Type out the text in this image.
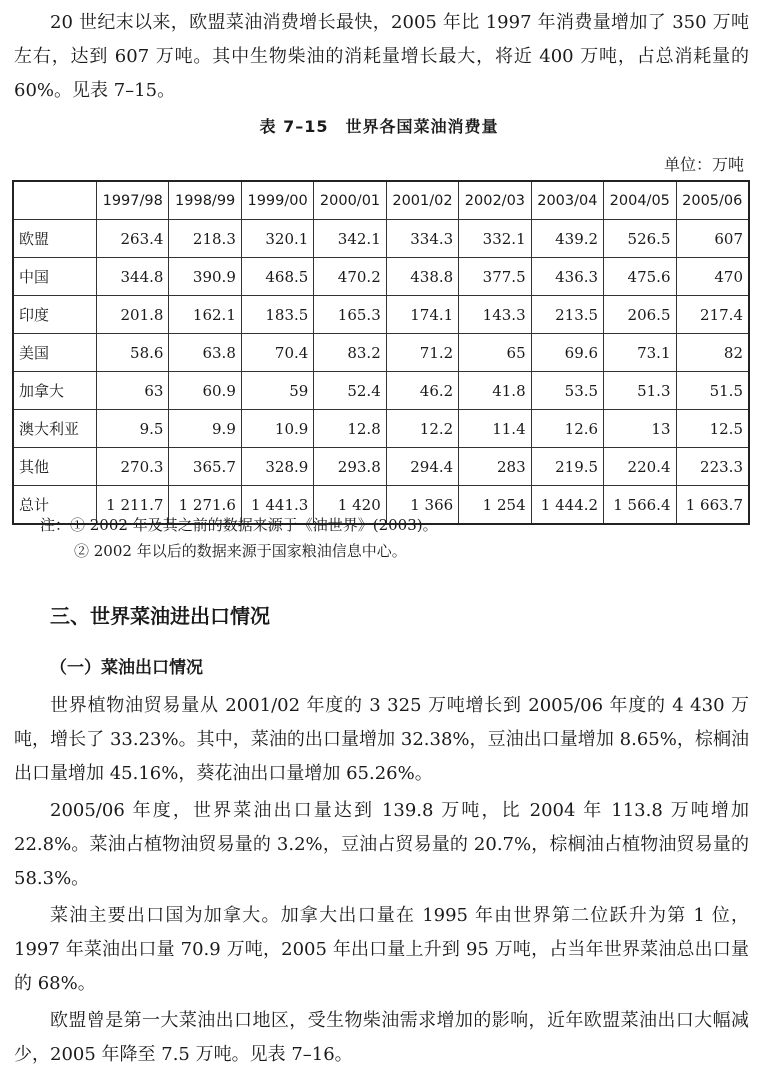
20 世纪末以来，欧盟菜油消费增长最快，2005 年比 1997 年消费量增加了 350 万吨左右，达到 607 万吨。其中生物柴油的消耗量增长最大，将近 400 万吨，占总消耗量的 60%。见表 7–15。

表 7–15　世界各国菜油消费量
单位：万吨
	1997/98	1998/99	1999/00	2000/01	2001/02	2002/03	2003/04	2004/05	2005/06
欧盟	263.4	218.3	320.1	342.1	334.3	332.1	439.2	526.5	607
中国	344.8	390.9	468.5	470.2	438.8	377.5	436.3	475.6	470
印度	201.8	162.1	183.5	165.3	174.1	143.3	213.5	206.5	217.4
美国	58.6	63.8	70.4	83.2	71.2	65	69.6	73.1	82
加拿大	63	60.9	59	52.4	46.2	41.8	53.5	51.3	51.5
澳大利亚	9.5	9.9	10.9	12.8	12.2	11.4	12.6	13	12.5
其他	270.3	365.7	328.9	293.8	294.4	283	219.5	220.4	223.3
总计	1 211.7	1 271.6	1 441.3	1 420	1 366	1 254	1 444.2	1 566.4	1 663.7
注：① 2002 年及其之前的数据来源于《油世界》(2003)。
② 2002 年以后的数据来源于国家粮油信息中心。
三、世界菜油进出口情况
（一）菜油出口情况

世界植物油贸易量从 2001/02 年度的 3 325 万吨增长到 2005/06 年度的 4 430 万吨，增长了 33.23%。其中，菜油的出口量增加 32.38%，豆油出口量增加 8.65%，棕榈油出口量增加 45.16%，葵花油出口量增加 65.26%。

2005/06 年度，世界菜油出口量达到 139.8 万吨，比 2004 年 113.8 万吨增加 22.8%。菜油占植物油贸易量的 3.2%，豆油占贸易量的 20.7%，棕榈油占植物油贸易量的 58.3%。

菜油主要出口国为加拿大。加拿大出口量在 1995 年由世界第二位跃升为第 1 位，1997 年菜油出口量 70.9 万吨，2005 年出口量上升到 95 万吨，占当年世界菜油总出口量的 68%。

欧盟曾是第一大菜油出口地区，受生物柴油需求增加的影响，近年欧盟菜油出口大幅减少，2005 年降至 7.5 万吨。见表 7–16。
